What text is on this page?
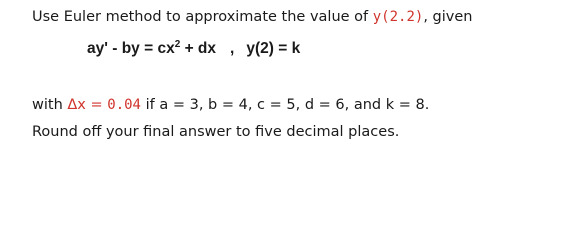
Use Euler method to approximate the value of y(2.2), given
ay' - by = $cx^2$ + dx , y(2) = k
with Δx = 0.04 if a = 3, b = 4, c = 5, d = 6, and k = 8.
Round off your final answer to five decimal places.
